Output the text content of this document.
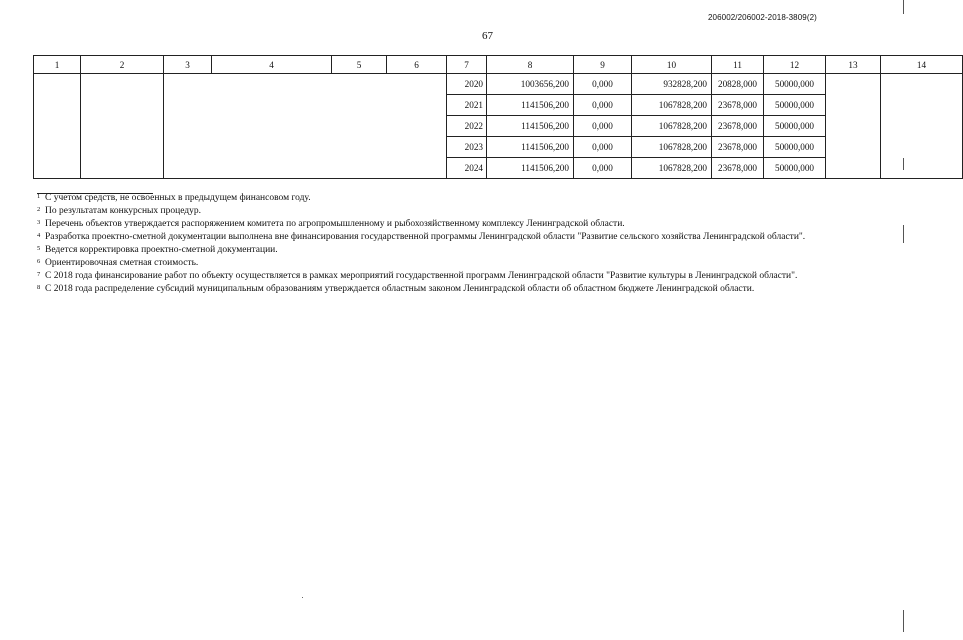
206002/206002-2018-3809(2)
67
1	2	3	4	5	6	7	8	9	10	11	12	13	14
						2020	1003656,200	0,000	932828,200	20828,000	50000,000		
						2021	1141506,200	0,000	1067828,200	23678,000	50000,000		
						2022	1141506,200	0,000	1067828,200	23678,000	50000,000		
						2023	1141506,200	0,000	1067828,200	23678,000	50000,000		
						2024	1141506,200	0,000	1067828,200	23678,000	50000,000		

1 С учетом средств, не освоенных в предыдущем финансовом году.

2 По результатам конкурсных процедур.

3 Перечень объектов утверждается распоряжением комитета по агропромышленному и рыбохозяйственному комплексу Ленинградской области.

4 Разработка проектно-сметной документации выполнена вне финансирования государственной программы Ленинградской области "Развитие сельского хозяйства Ленинградской области".

5 Ведется корректировка проектно-сметной документации.

6 Ориентировочная сметная стоимость.

7 С 2018 года финансирование работ по объекту осуществляется в рамках мероприятий государственной программ Ленинградской области "Развитие культуры в Ленинградской области".

8 С 2018 года распределение субсидий муниципальным образованиям утверждается областным законом Ленинградской области об областном бюджете Ленинградской области.
